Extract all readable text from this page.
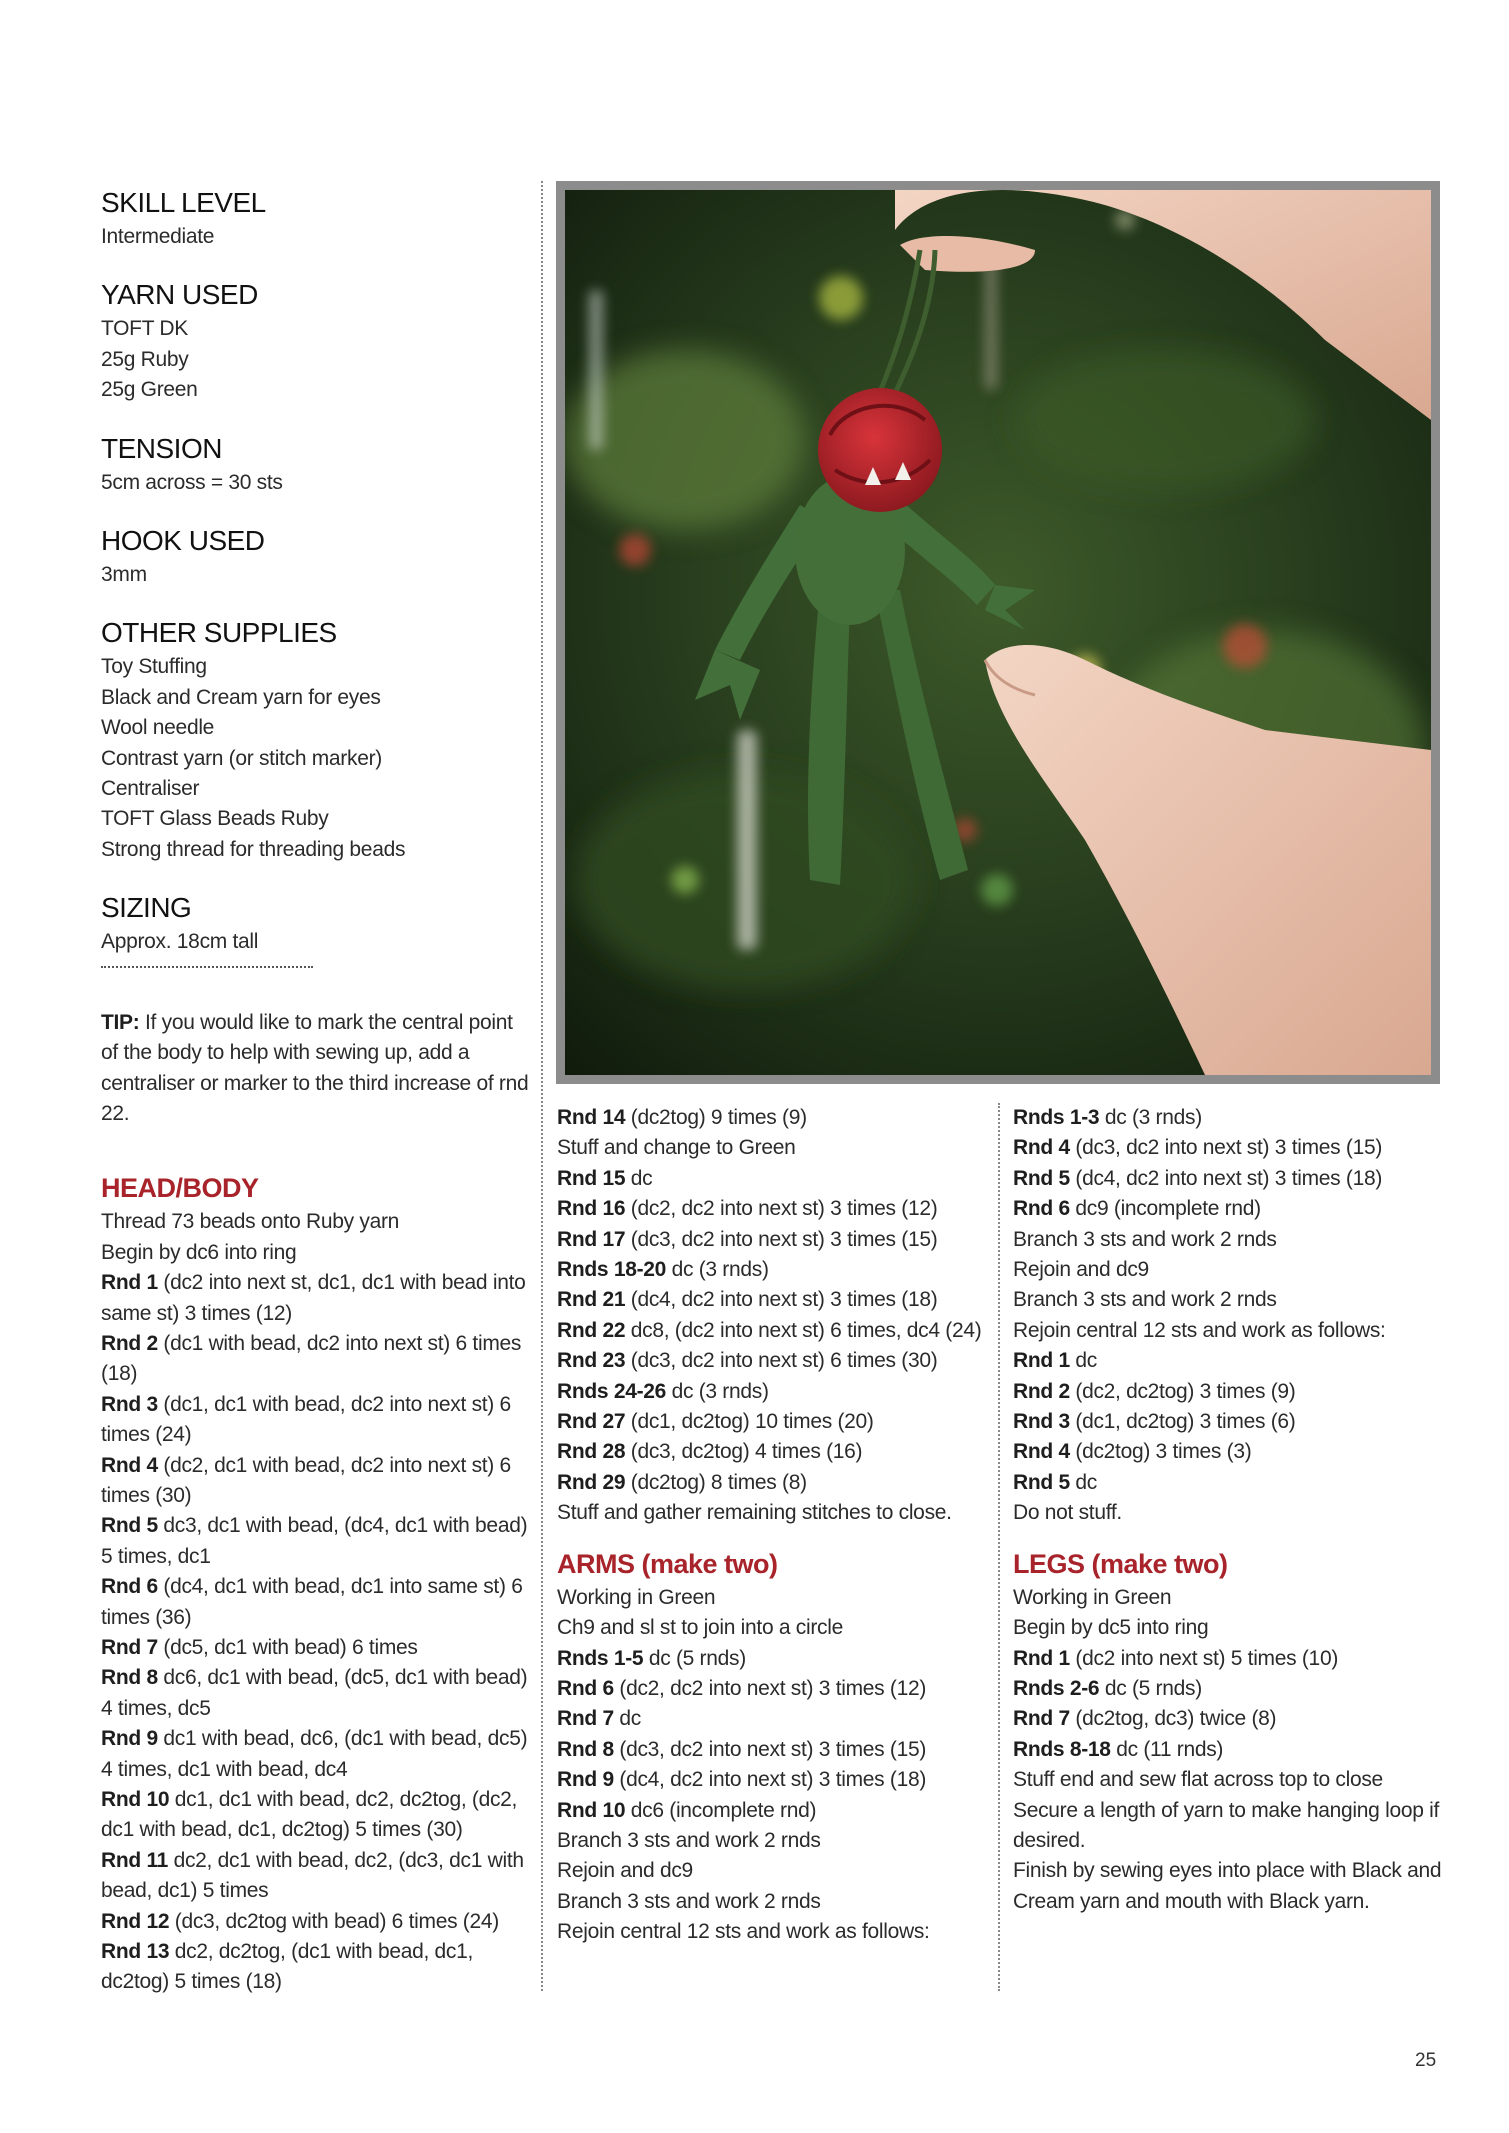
SKILL LEVEL

Intermediate

YARN USED

TOFT DK

25g Ruby

25g Green

TENSION

5cm across = 30 sts

HOOK USED

3mm

OTHER SUPPLIES

Toy Stuffing

Black and Cream yarn for eyes

Wool needle

Contrast yarn (or stitch marker)

Centraliser

TOFT Glass Beads Ruby

Strong thread for threading beads

SIZING

Approx. 18cm tall

TIP: If you would like to mark the central point of the body to help with sewing up, add a centraliser or marker to the third increase of rnd 22.

HEAD/BODY

Thread 73 beads onto Ruby yarn

Begin by dc6 into ring

Rnd 1 (dc2 into next st, dc1, dc1 with bead into same st) 3 times (12)

Rnd 2 (dc1 with bead, dc2 into next st) 6 times (18)

Rnd 3 (dc1, dc1 with bead, dc2 into next st) 6 times (24)

Rnd 4 (dc2, dc1 with bead, dc2 into next st) 6 times (30)

Rnd 5 dc3, dc1 with bead, (dc4, dc1 with bead) 5 times, dc1

Rnd 6 (dc4, dc1 with bead, dc1 into same st) 6 times (36)

Rnd 7 (dc5, dc1 with bead) 6 times

Rnd 8 dc6, dc1 with bead, (dc5, dc1 with bead) 4 times, dc5

Rnd 9 dc1 with bead, dc6, (dc1 with bead, dc5) 4 times, dc1 with bead, dc4

Rnd 10 dc1, dc1 with bead, dc2, dc2tog, (dc2, dc1 with bead, dc1, dc2tog) 5 times (30)

Rnd 11 dc2, dc1 with bead, dc2, (dc3, dc1 with bead, dc1) 5 times

Rnd 12 (dc3, dc2tog with bead) 6 times (24)

Rnd 13 dc2, dc2tog, (dc1 with bead, dc1, dc2tog) 5 times (18)

Rnd 14 (dc2tog) 9 times (9)

Stuff and change to Green

Rnd 15 dc

Rnd 16 (dc2, dc2 into next st) 3 times (12)

Rnd 17 (dc3, dc2 into next st) 3 times (15)

Rnds 18-20 dc (3 rnds)

Rnd 21 (dc4, dc2 into next st) 3 times (18)

Rnd 22 dc8, (dc2 into next st) 6 times, dc4 (24)

Rnd 23 (dc3, dc2 into next st) 6 times (30)

Rnds 24-26 dc (3 rnds)

Rnd 27 (dc1, dc2tog) 10 times (20)

Rnd 28 (dc3, dc2tog) 4 times (16)

Rnd 29 (dc2tog) 8 times (8)

Stuff and gather remaining stitches to close.

ARMS (make two)

Working in Green

Ch9 and sl st to join into a circle

Rnds 1-5 dc (5 rnds)

Rnd 6 (dc2, dc2 into next st) 3 times (12)

Rnd 7 dc

Rnd 8 (dc3, dc2 into next st) 3 times (15)

Rnd 9 (dc4, dc2 into next st) 3 times (18)

Rnd 10 dc6 (incomplete rnd)

Branch 3 sts and work 2 rnds

Rejoin and dc9

Branch 3 sts and work 2 rnds

Rejoin central 12 sts and work as follows:

Rnds 1-3 dc (3 rnds)

Rnd 4 (dc3, dc2 into next st) 3 times (15)

Rnd 5 (dc4, dc2 into next st) 3 times (18)

Rnd 6 dc9 (incomplete rnd)

Branch 3 sts and work 2 rnds

Rejoin and dc9

Branch 3 sts and work 2 rnds

Rejoin central 12 sts and work as follows:

Rnd 1 dc

Rnd 2 (dc2, dc2tog) 3 times (9)

Rnd 3 (dc1, dc2tog) 3 times (6)

Rnd 4 (dc2tog) 3 times (3)

Rnd 5 dc

Do not stuff.

LEGS (make two)

Working in Green

Begin by dc5 into ring

Rnd 1 (dc2 into next st) 5 times (10)

Rnds 2-6 dc (5 rnds)

Rnd 7 (dc2tog, dc3) twice (8)

Rnds 8-18 dc (11 rnds)

Stuff end and sew flat across top to close

Secure a length of yarn to make hanging loop if desired.

Finish by sewing eyes into place with Black and Cream yarn and mouth with Black yarn.

25
